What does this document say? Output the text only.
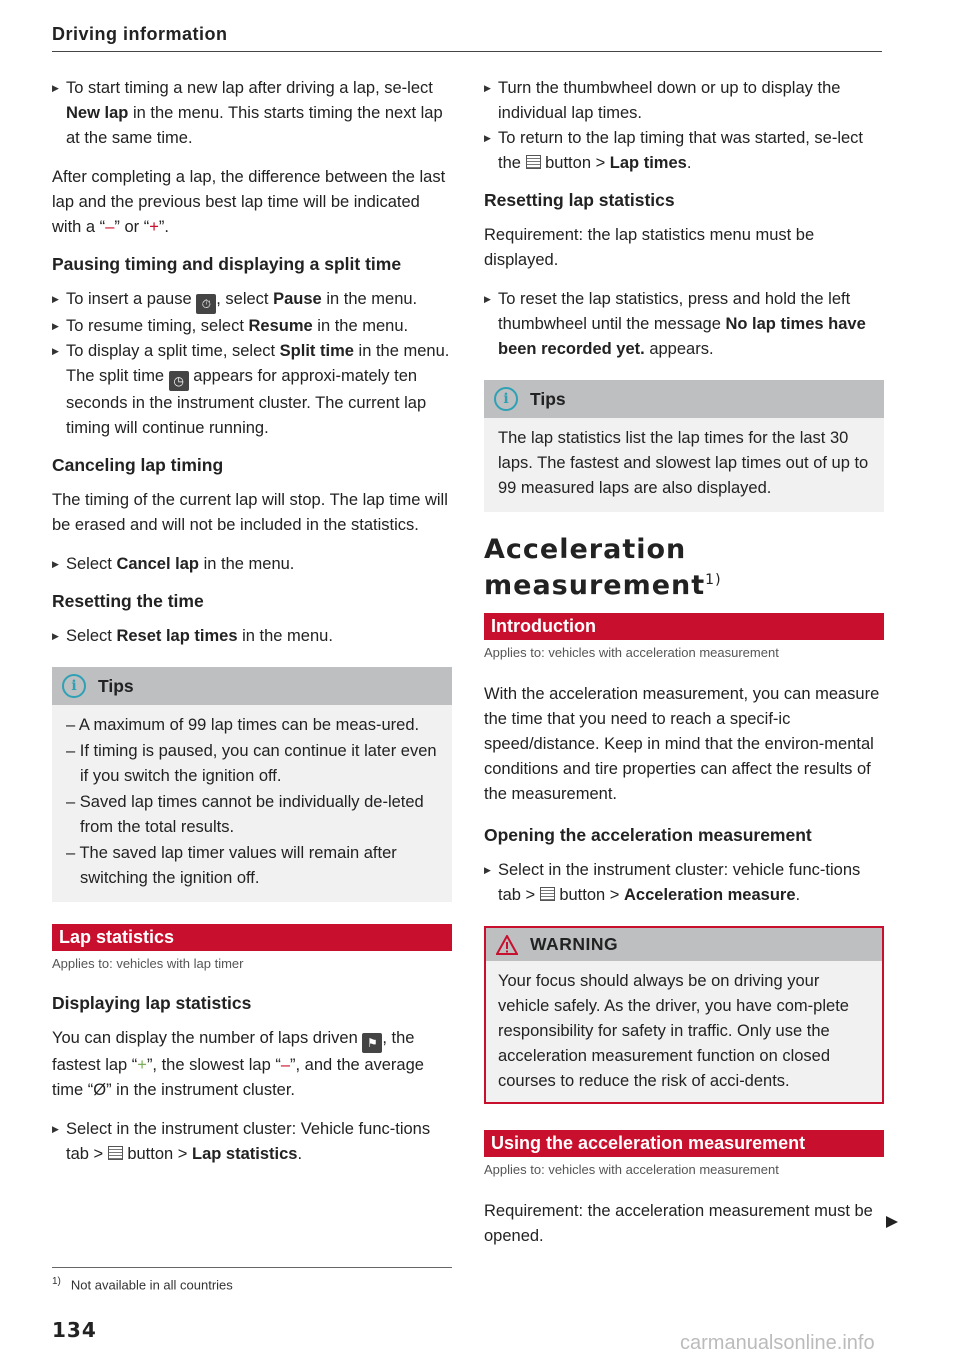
Driving information

▶ To start timing a new lap after driving a lap, se-lect New lap in the menu. This starts timing the next lap at the same time.

After completing a lap, the difference between the last lap and the previous best lap time will be indicated with a “–” or “+”.

Pausing timing and displaying a split time

▶ To insert a pause ⏱ , select Pause in the menu.

▶ To resume timing, select Resume in the menu.

▶ To display a split time, select Split time in the menu. The split time ◷ appears for approxi-mately ten seconds in the instrument cluster. The current lap timing will continue running.

Canceling lap timing

The timing of the current lap will stop. The lap time will be erased and will not be included in the statistics.

▶ Select Cancel lap in the menu.

Resetting the time

▶ Select Reset lap times in the menu.

i	Tips

– A maximum of 99 lap times can be meas-ured.

– If timing is paused, you can continue it later even if you switch the ignition off.

– Saved lap times cannot be individually de-leted from the total results.

– The saved lap timer values will remain after switching the ignition off.

Lap statistics
Applies to: vehicles with lap timer
Displaying lap statistics

You can display the number of laps driven ⚑ , the fastest lap “+”, the slowest lap “–”, and the average time “Ø” in the instrument cluster.

▶ Select in the instrument cluster: Vehicle func-tions tab >  button > Lap statistics.

$^{1)}$ Not available in all countries
134

▶ Turn the thumbwheel down or up to display the individual lap times.

▶ To return to the lap timing that was started, se-lect the  button > Lap times.

Resetting lap statistics

Requirement: the lap statistics menu must be displayed.

▶ To reset the lap statistics, press and hold the left thumbwheel until the message No lap times have been recorded yet. appears.

i	Tips

The lap statistics list the lap times for the last 30 laps. The fastest and slowest lap times out of up to 99 measured laps are also displayed.

Acceleration measurement$^{1)}$
Introduction
Applies to: vehicles with acceleration measurement

With the acceleration measurement, you can measure the time that you need to reach a specif-ic speed/distance. Keep in mind that the environ-mental conditions and tire properties can affect the results of the measurement.

Opening the acceleration measurement

▶ Select in the instrument cluster: vehicle func-tions tab >  button > Acceleration measure.

WARNING

Your focus should always be on driving your vehicle safely. As the driver, you have com-plete responsibility for safety in traffic. Only use the acceleration measurement function on closed courses to reduce the risk of acci-dents.

Using the acceleration measurement
Applies to: vehicles with acceleration measurement

Requirement: the acceleration measurement must be opened.

carmanualsonline.info
